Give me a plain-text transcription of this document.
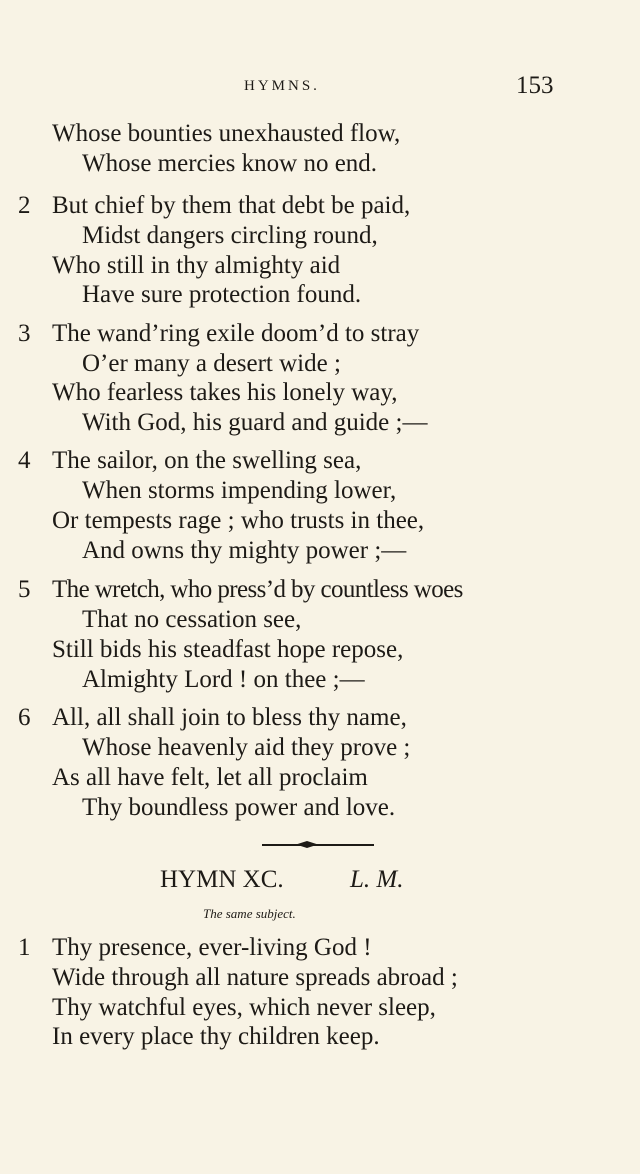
HYMNS.	153
Whose bounties unexhausted flow,
Whose mercies know no end.
2 But chief by them that debt be paid,
Midst dangers circling round,
Who still in thy almighty aid
Have sure protection found.
3 The wand’ring exile doom’d to stray
O’er many a desert wide ;
Who fearless takes his lonely way,
With God, his guard and guide ;—
4 The sailor, on the swelling sea,
When storms impending lower,
Or tempests rage ; who trusts in thee,
And owns thy mighty power ;—
5 The wretch, who press’d by countless woes
That no cessation see,
Still bids his steadfast hope repose,
Almighty Lord ! on thee ;—
6 All, all shall join to bless thy name,
Whose heavenly aid they prove ;
As all have felt, let all proclaim
Thy boundless power and love.
HYMN XC.	L. M.
The same subject.
1 Thy presence, ever-living God !
Wide through all nature spreads abroad ;
Thy watchful eyes, which never sleep,
In every place thy children keep.
